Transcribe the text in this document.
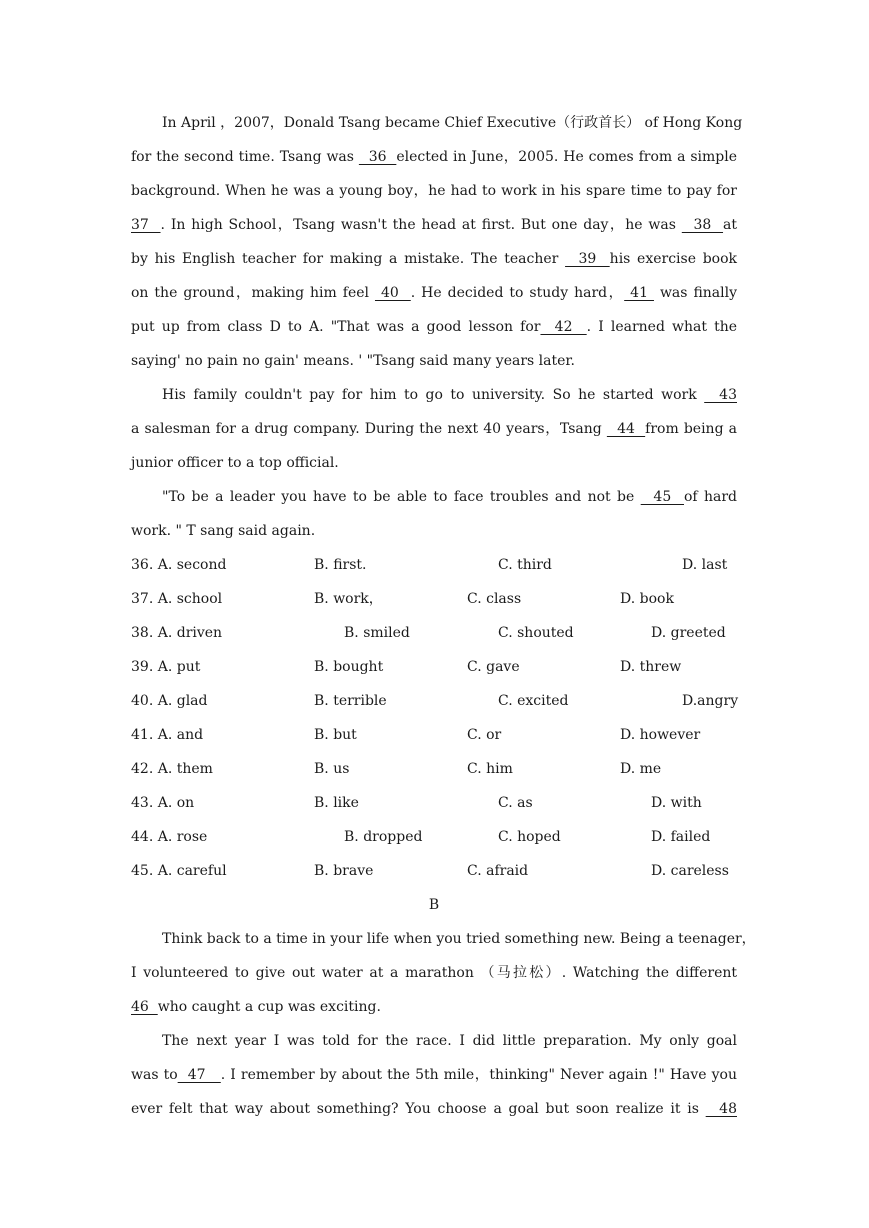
In April ，2007，Donald Tsang became Chief Executive（行政首长） of Hong Kong
for the second time. Tsang was   36  elected in June，2005. He comes from a simple
background. When he was a young boy，he had to work in his spare time to pay for
37  . In high School，Tsang wasn't the head at first. But one day，he was   38  at
by his English teacher for making a mistake. The teacher   39  his exercise book
on the ground，making him feel  40  . He decided to study hard， 41  was finally
put up from class D to A. "That was a good lesson for  42  . I learned what the
saying' no pain no gain' means. ' "Tsang said many years later.
His family couldn't pay for him to go to university. So he started work   43
a salesman for a drug company. During the next 40 years，Tsang   44  from being a
junior officer to a top official.
"To be a leader you have to be able to face troubles and not be   45  of hard
work. " T sang said again.
36. A. second	B. first.	C. third	D. last
37. A. school	B. work，	C. class	D. book
38. A. driven	B. smiled	C. shouted	D. greeted
39. A. put	B. bought	C. gave	D. threw
40. A. glad	B. terrible	C. excited	D.angry
41. A. and	B. but	C. or	D. however
42. A. them	B. us	C. him	D. me
43. A. on	B. like	C. as	D. with
44. A. rose	B. dropped	C. hoped	D. failed
45. A. careful	B. brave	C. afraid	D. careless
B
Think back to a time in your life when you tried something new. Being a teenager，
I volunteered to give out water at a marathon （马拉松）. Watching the different
46  who caught a cup was exciting.
The next year I was told for the race. I did little preparation. My only goal
was to  47   . I remember by about the 5th mile，thinking" Never again !" Have you
ever felt that way about something? You choose a goal but soon realize it is   48
